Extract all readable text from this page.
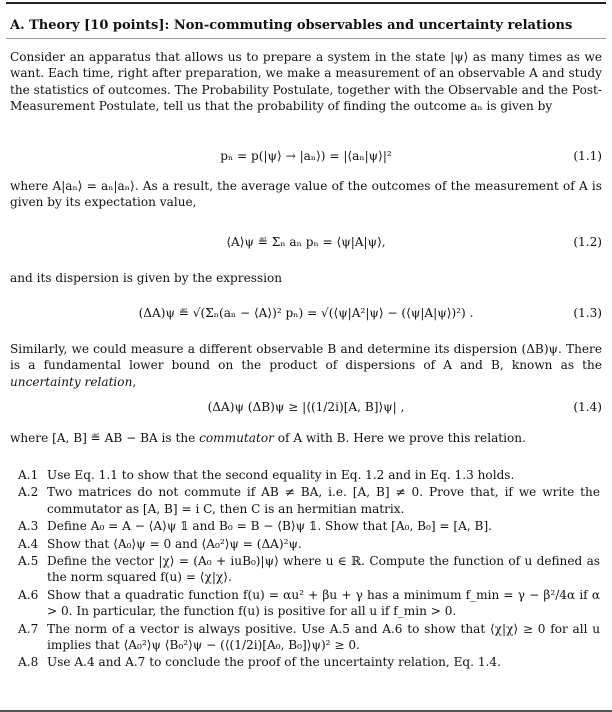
A. Theory [10 points]: Non-commuting observables and uncertainty relations
Consider an apparatus that allows us to prepare a system in the state |ψ⟩ as many times as we want. Each time, right after preparation, we make a measurement of an observable A and study the statistics of outcomes. The Probability Postulate, together with the Observable and the Post-Measurement Postulate, tell us that the probability of finding the outcome aₙ is given by
pₙ = p(|ψ⟩ → |aₙ⟩) = |⟨aₙ|ψ⟩|²	(1.1)
where A|aₙ⟩ = aₙ|aₙ⟩. As a result, the average value of the outcomes of the measurement of A is given by its expectation value,
⟨A⟩ψ ≝ Σₙ aₙ pₙ = ⟨ψ|A|ψ⟩,	(1.2)
and its dispersion is given by the expression
(ΔA)ψ ≝ √(Σₙ(aₙ − ⟨A⟩)² pₙ) = √(⟨ψ|A²|ψ⟩ − (⟨ψ|A|ψ⟩)²) .	(1.3)
Similarly, we could measure a different observable B and determine its dispersion (ΔB)ψ. There is a fundamental lower bound on the product of dispersions of A and B, known as the uncertainty relation,
(ΔA)ψ (ΔB)ψ ≥ |⟨(1/2i)[A, B]⟩ψ| ,	(1.4)
where [A, B] ≝ AB − BA is the commutator of A with B. Here we prove this relation.
A.1 Use Eq. 1.1 to show that the second equality in Eq. 1.2 and in Eq. 1.3 holds.
A.2 Two matrices do not commute if AB ≠ BA, i.e. [A, B] ≠ 0. Prove that, if we write the commutator as [A, B] = i C, then C is an hermitian matrix.
A.3 Define A₀ = A − ⟨A⟩ψ 𝟙 and B₀ = B − ⟨B⟩ψ 𝟙. Show that [A₀, B₀] = [A, B].
A.4 Show that ⟨A₀⟩ψ = 0 and ⟨A₀²⟩ψ = (ΔA)²ψ.
A.5 Define the vector |χ⟩ = (A₀ + iuB₀)|ψ⟩ where u ∈ ℝ. Compute the function of u defined as the norm squared f(u) = ⟨χ|χ⟩.
A.6 Show that a quadratic function f(u) = αu² + βu + γ has a minimum f_min = γ − β²/4α if α > 0. In particular, the function f(u) is positive for all u if f_min > 0.
A.7 The norm of a vector is always positive. Use A.5 and A.6 to show that ⟨χ|χ⟩ ≥ 0 for all u implies that ⟨A₀²⟩ψ ⟨B₀²⟩ψ − (⟨(1/2i)[A₀, B₀]⟩ψ)² ≥ 0.
A.8 Use A.4 and A.7 to conclude the proof of the uncertainty relation, Eq. 1.4.
